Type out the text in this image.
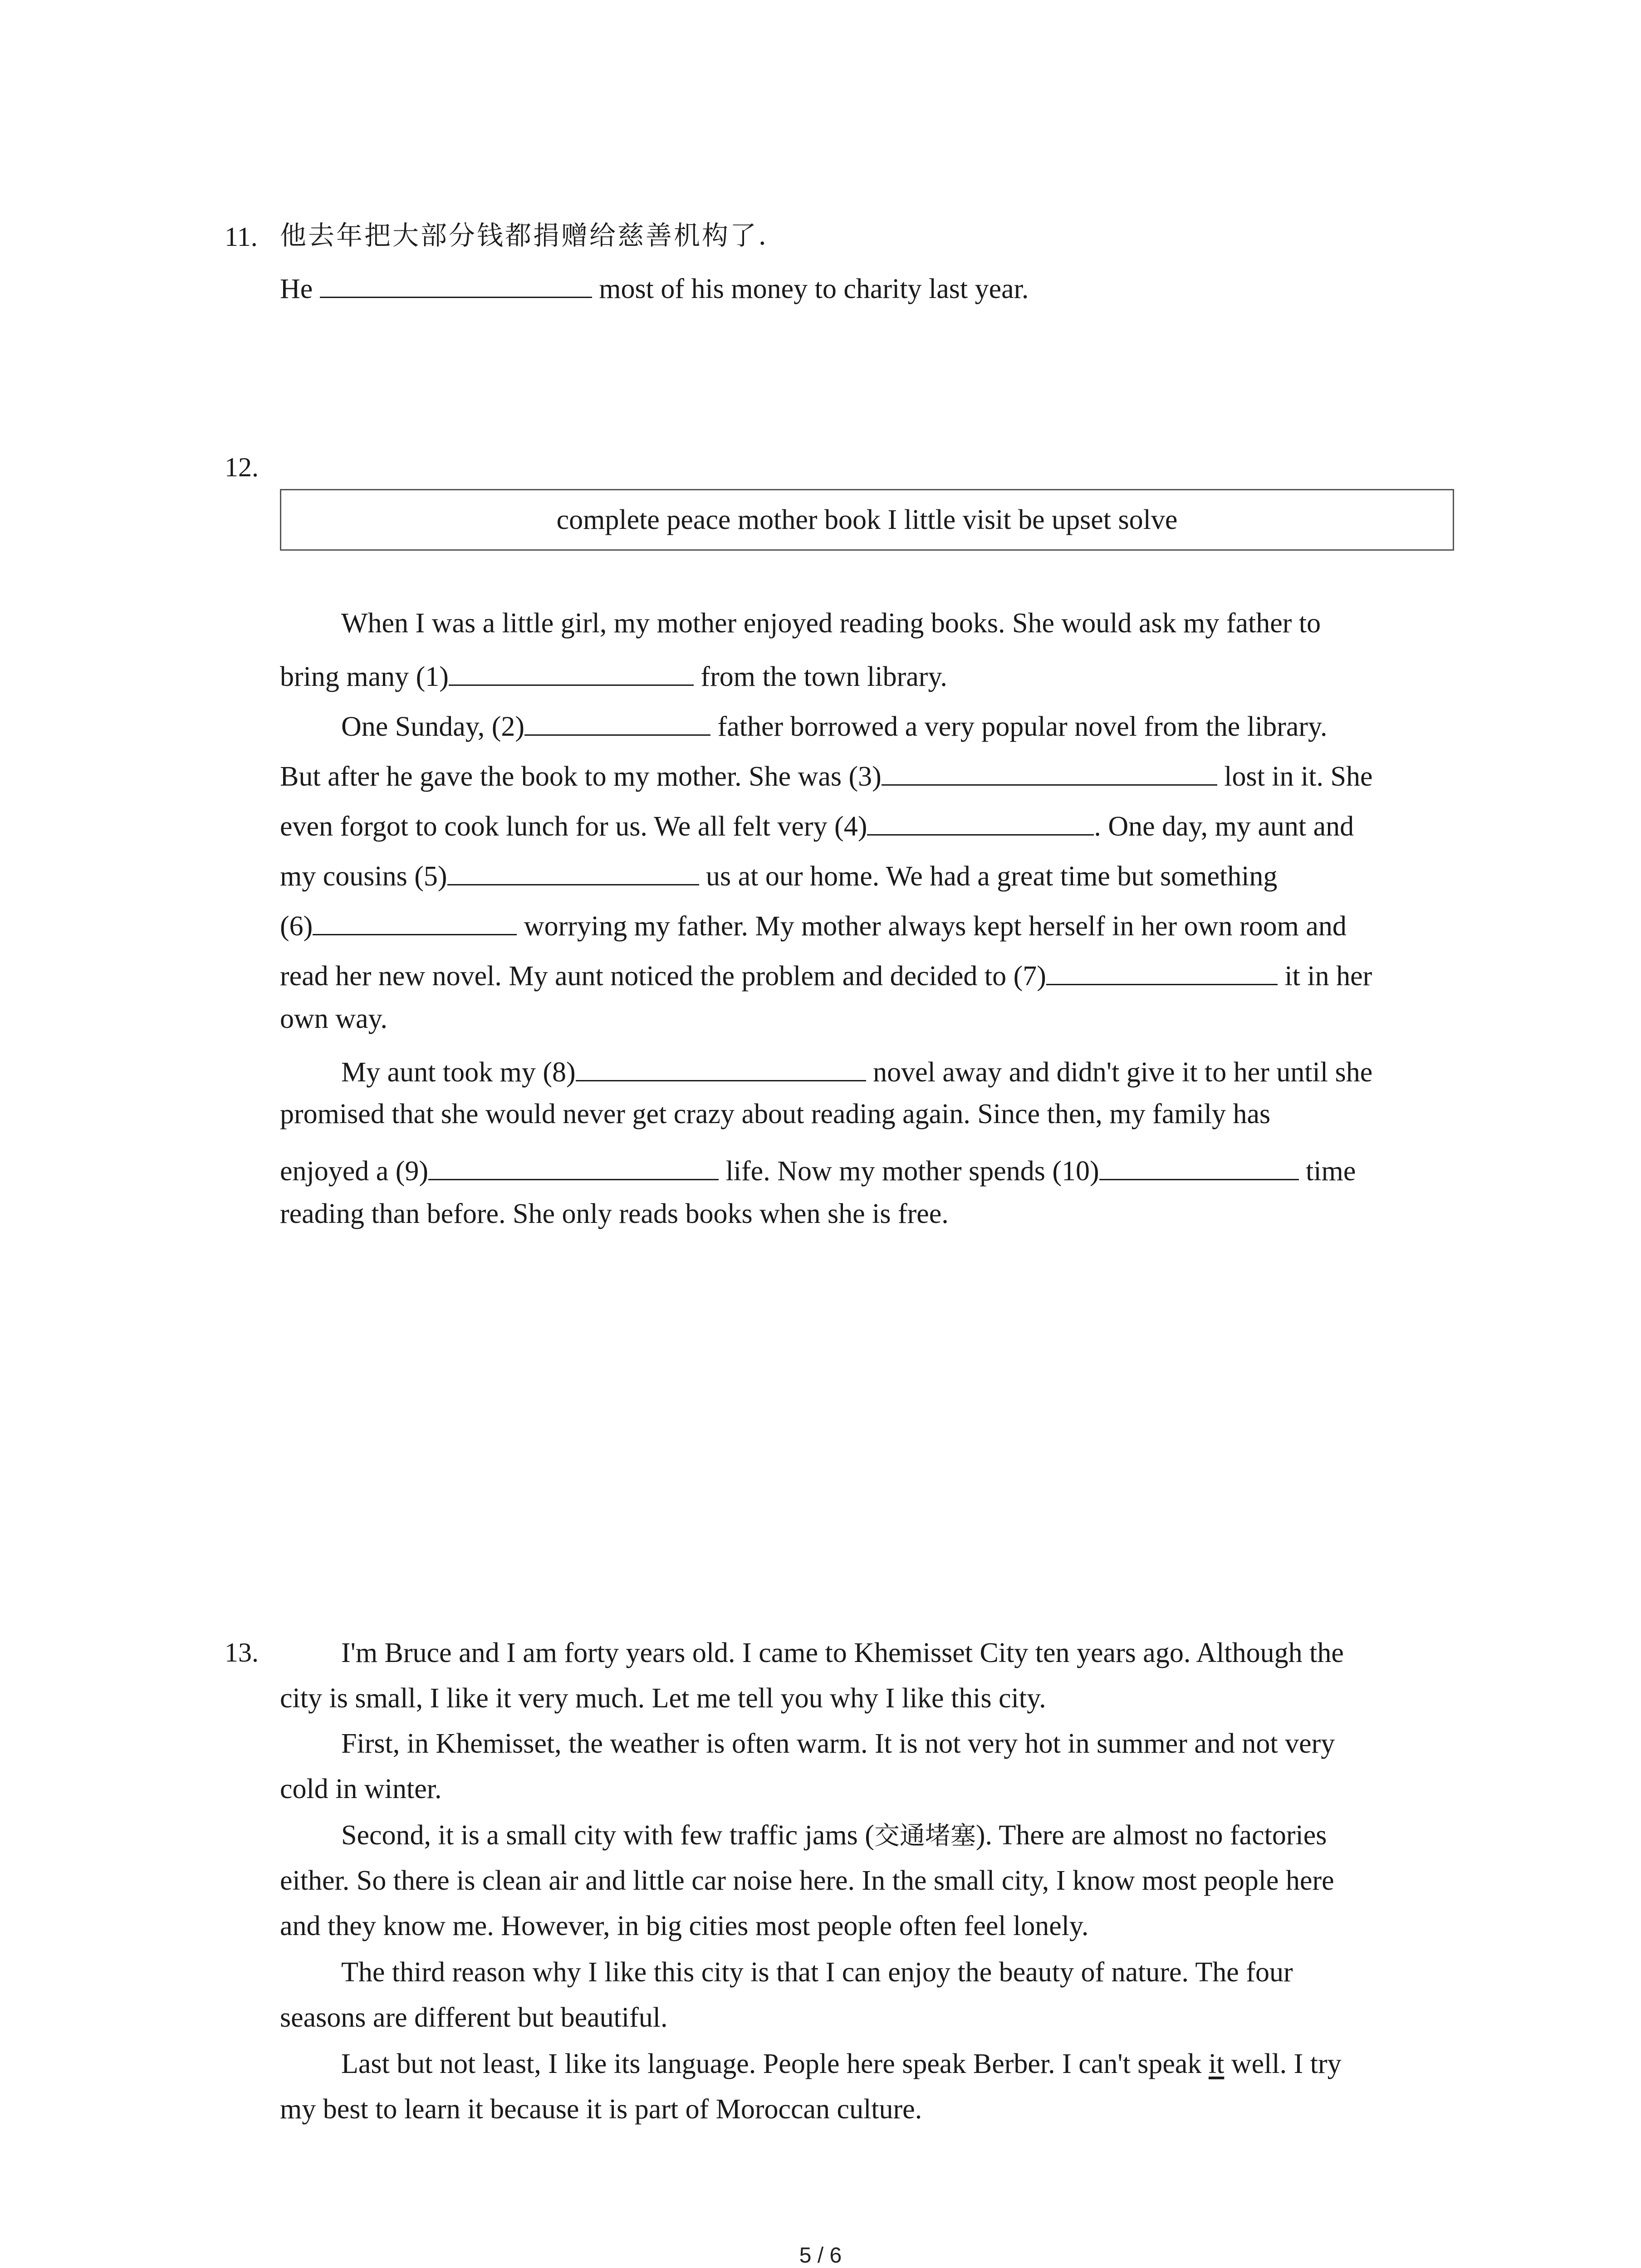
11. 他去年把大部分钱都捐赠给慈善机构了.
He	most of his money to charity last year.
12.
complete peace mother book I little visit be upset solve
When I was a little girl, my mother enjoyed reading books. She would ask my father to
bring many (1)	from the town library.
One Sunday, (2)	father borrowed a very popular novel from the library.
But after he gave the book to my mother. She was (3)	lost in it. She
even forgot to cook lunch for us. We all felt very (4)	. One day, my aunt and
my cousins (5)	us at our home. We had a great time but something
(6)	worrying my father. My mother always kept herself in her own room and
read her new novel. My aunt noticed the problem and decided to (7)	it in her
own way.
My aunt took my (8)	novel away and didn't give it to her until she
promised that she would never get crazy about reading again. Since then, my family has
enjoyed a (9)	life. Now my mother spends (10)	time
reading than before. She only reads books when she is free.
13.	I'm Bruce and I am forty years old. I came to Khemisset City ten years ago. Although the
city is small, I like it very much. Let me tell you why I like this city.
First, in Khemisset, the weather is often warm. It is not very hot in summer and not very
cold in winter.
Second, it is a small city with few traffic jams (交通堵塞). There are almost no factories
either. So there is clean air and little car noise here. In the small city, I know most people here
and they know me. However, in big cities most people often feel lonely.
The third reason why I like this city is that I can enjoy the beauty of nature. The four
seasons are different but beautiful.
Last but not least, I like its language. People here speak Berber. I can't speak it well. I try
my best to learn it because it is part of Moroccan culture.
5 / 6
